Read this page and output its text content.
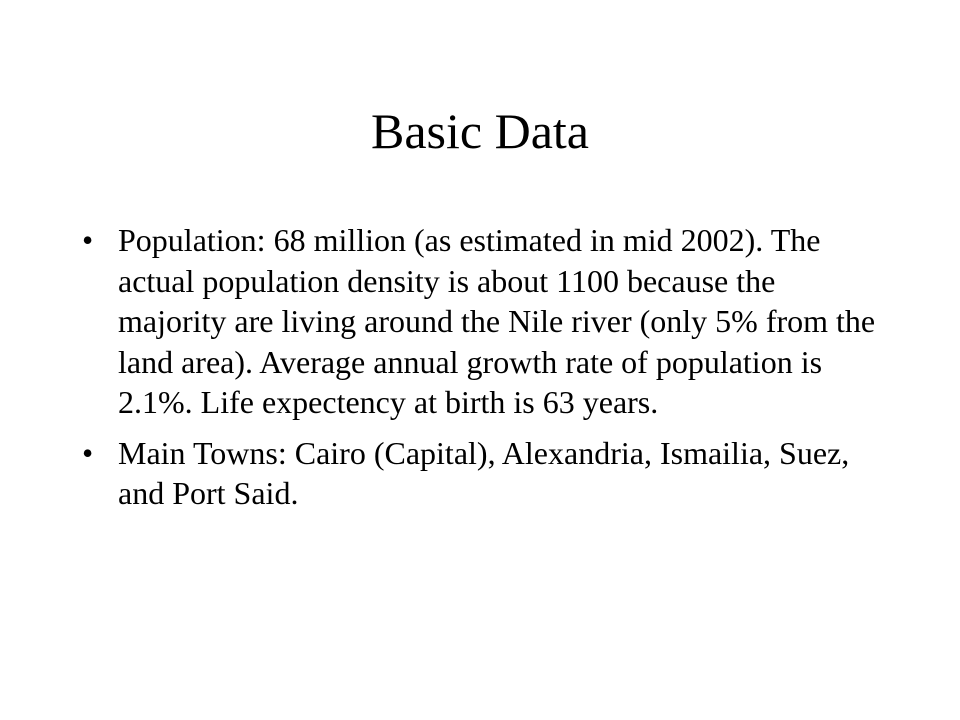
Basic Data
• Population: 68 million (as estimated in mid 2002). The actual population density is about 1100 because the majority are living around the Nile river (only 5% from the land area). Average annual growth rate of population is 2.1%. Life expectency at birth is 63 years.
• Main Towns: Cairo (Capital), Alexandria, Ismailia, Suez, and Port Said.
